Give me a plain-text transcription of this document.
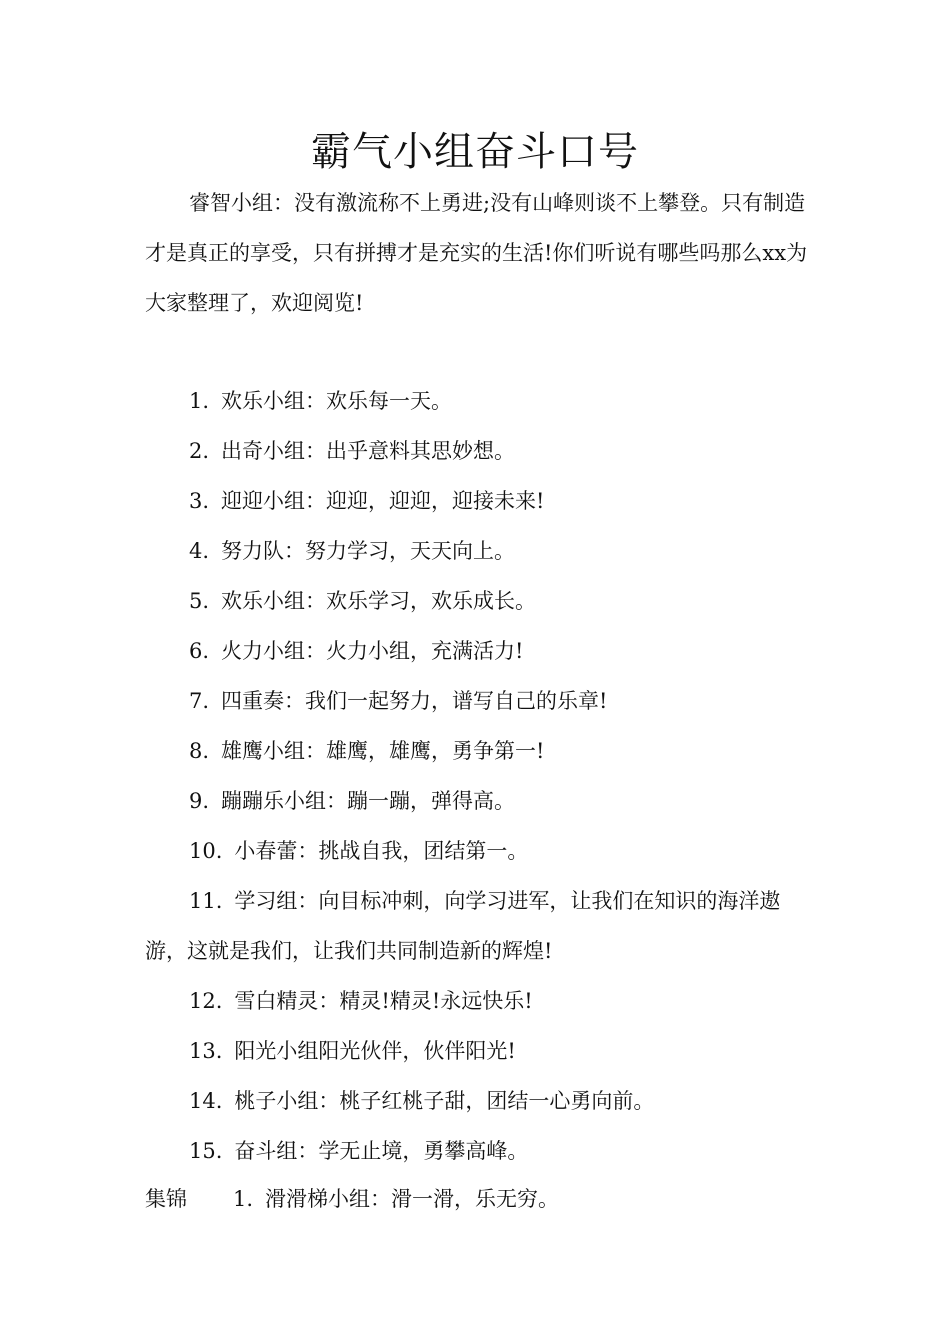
霸气小组奋斗口号

睿智小组：没有激流称不上勇进;没有山峰则谈不上攀登。只有制造才是真正的享受，只有拼搏才是充实的生活!你们听说有哪些吗那么xx为大家整理了，欢迎阅览!

1. 欢乐小组：欢乐每一天。
2. 出奇小组：出乎意料其思妙想。
3. 迎迎小组：迎迎，迎迎，迎接未来!
4. 努力队：努力学习，天天向上。
5. 欢乐小组：欢乐学习，欢乐成长。
6. 火力小组：火力小组，充满活力!
7. 四重奏：我们一起努力，谱写自己的乐章!
8. 雄鹰小组：雄鹰，雄鹰，勇争第一!
9. 蹦蹦乐小组：蹦一蹦，弹得高。
10. 小春蕾：挑战自我，团结第一。
11. 学习组：向目标冲刺，向学习进军，让我们在知识的海洋遨游，这就是我们，让我们共同制造新的辉煌!
12. 雪白精灵：精灵!精灵!永远快乐!
13. 阳光小组阳光伙伴，伙伴阳光!
14. 桃子小组：桃子红桃子甜，团结一心勇向前。
15. 奋斗组：学无止境，勇攀高峰。

集锦 1. 滑滑梯小组：滑一滑，乐无穷。
